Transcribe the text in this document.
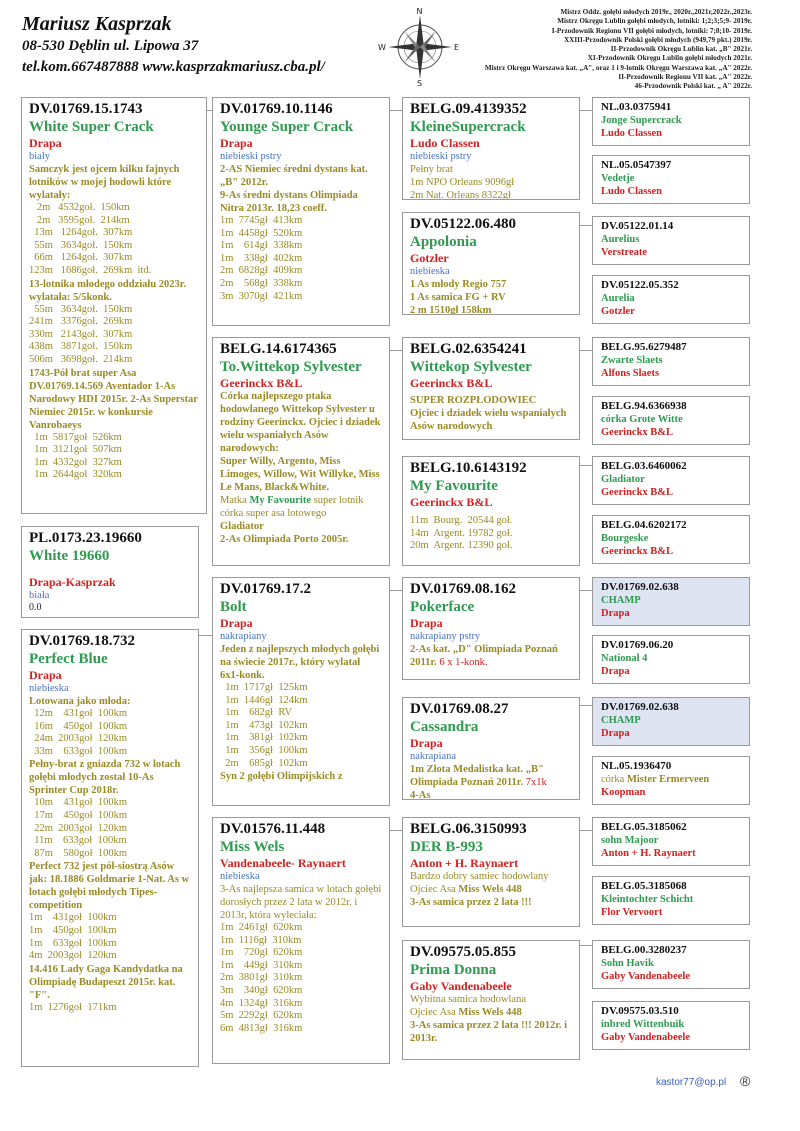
Mariusz Kasprzak
08-530 Dęblin ul. Lipowa 37
tel.kom.667487888 www.kasprzakmariusz.cba.pl/
N
S
W	E
Mistrz Oddz. gołębi młodych 2019r., 2020r.,2021r,2022r.,2023r.
Mistrz Okręgu Lublin gołębi młodych, lotniki: 1;2;3;5;9- 2019r.
I-Przodownik Regionu VII gołębi młodych, lotniki: 7;8;10- 2019r.
XXIII-Przodownik Polski gołębi młodych (949,79 pkt.) 2019r.
II-Przodownik Okręgu Lublin kat. „B" 2021r.
XI-Przodownik Okręgu Lublin gołębi młodych 2021r.
Mistrz Okręgu Warszawa kat. „A", oraz 1 i 9-lotnik Okręgu Warszawa kat. „A" 2022r.
II-Przodownik Regionu VII kat. „A" 2022r.
46-Przodownik Polski kat. „ A" 2022r.
DV.01769.15.1743
White Super Crack
Drapa
biały
Samczyk jest ojcem kilku fajnych lotników w mojej hodowli które wylatały:
2m   4532goł.  150km
2m   3595goł.  214km
13m   1264goł.  307km
55m   3634goł.  150km
66m   1264goł.  307km
123m   1686goł.  269km  itd.
13-lotnika młodego oddziału 2023r. wylatała: 5/5konk.
55m   3634goł.  150km
241m   3376goł.  269km
330m   2143goł.  307km
438m   3871goł.  150km
506m   3698goł.  214km
1743-Pół brat super Asa DV.01769.14.569 Aventador 1-As Narodowy HDI 2015r. 2-As Superstar Niemiec 2015r. w konkursie Vanrobaeys
1m  5817goł  526km
1m  3121goł  507km
1m  4332goł  327km
1m  2644goł  320km
PL.0173.23.19660
White 19660
Drapa-Kasprzak
biała
0.0
DV.01769.18.732
Perfect Blue
Drapa
niebieska
Lotowana jako młoda:
12m    431goł  100km
16m    450goł  100km
24m  2003goł  120km
33m    633goł  100km
Pełny-brat z gniazda 732 w lotach gołębi młodych został 10-As Sprinter Cup 2018r.
10m    431goł  100km
17m    450goł  100km
22m  2003goł  120km
11m    633goł  100km
87m    580goł  100km
Perfect 732 jest pół-siostrą Asów jak: 18.1886 Goldmarie 1-Nat. As w lotach gołębi młodych Tipes-competition
1m    431goł  100km
1m    450goł  100km
1m    633goł  100km
4m  2003goł  120km
14.416 Lady Gaga Kandydatka na Olimpiadę Budapeszt 2015r. kat. "F".
1m  1276goł  171km
DV.01769.10.1146
Younge Super Crack
Drapa
niebieski pstry
2-AS Niemiec średni dystans kat. „B" 2012r.
9-As średni dystans Olimpiada Nitra 2013r. 18,23 coeff.
1m  7745gł  413km
1m  4458gł  520km
1m    614gł  338km
1m    338gł  402km
2m  6828gł  409km
2m    568gł  338km
3m  3070gł  421km
BELG.14.6174365
To.Wittekop Sylvester
Geerinckx B&L
Córka najlepszego ptaka hodowlanego Wittekop Sylvester u rodziny Geerinckx. Ojciec i dziadek wielu wspaniałych Asów narodowych:
Super Willy, Argento, Miss Limoges, Willow, Wit Willyke, Miss Le Mans, Black&White.
Matka My Favourite super lotnik córka super asa lotowego
Gladiator
2-As Olimpiada Porto 2005r.
DV.01769.17.2
Bolt
Drapa
nakrapiany
Jeden z najlepszych młodych gołębi na świecie 2017r., który wylatał 6x1-konk.
1m  1717gł  125km
1m  1446gł  124km
1m    682gł  RV
1m    473gł  102km
1m    381gł  102km
1m    356gł  100km
2m    685gł  102km
Syn 2 gołębi Olimpijskich z
DV.01576.11.448
Miss Wels
Vandenabeele- Raynaert
niebieska
3-As najlepsza samica w lotach gołębi dorosłych przez 2 lata w 2012r. i 2013r, która wyleciała:
1m  2461gł  620km
1m  1116gł  310km
1m    720gł  620km
1m    449gł  310km
2m  3801gł  310km
3m    340gł  620km
4m  1324gł  316km
5m  2292gł  620km
6m  4813gł  316km
BELG.09.4139352
KleineSupercrack
Ludo Classen
niebieski pstry
Pełny brat
1m NPO Orleans 9096gł
2m Nat. Orleans 8322gł
DV.05122.06.480
Appolonia
Gotzler
niebieska
1 As młody Regio 757
1 As samica FG + RV
2 m 1510gł 158km
BELG.02.6354241
Wittekop Sylvester
Geerinckx B&L
SUPER ROZPŁODOWIEC
Ojciec i dziadek wielu wspaniałych Asów narodowych
BELG.10.6143192
My Favourite
Geerinckx B&L
11m  Bourg.  20544 goł.
14m  Argent. 19782 goł.
20m  Argent. 12390 goł.
DV.01769.08.162
Pokerface
Drapa
nakrapiany pstry
2-As kat. „D" Olimpiada Poznań 2011r. 6 x 1-konk.
DV.01769.08.27
Cassandra
Drapa
nakrapiana
1m Złota Medalistka kat. „B" Olimpiada Poznań 2011r. 7x1k
4-As
BELG.06.3150993
DER B-993
Anton + H. Raynaert
Bardzo dobry samiec hodowlany
Ojciec Asa Miss Wels 448
3-As samica przez 2 lata !!!
DV.09575.05.855
Prima Donna
Gaby Vandenabeele
Wybitna samica hodowlana
Ojciec Asa Miss Wels 448
3-As samica przez 2 lata !!! 2012r. i 2013r.
NL.03.0375941
Jonge Supercrack
Ludo Classen
NL.05.0547397
Vedetje
Ludo Classen
DV.05122.01.14
Aurelius
Verstreate
DV.05122.05.352
Aurelia
Gotzler
BELG.95.6279487
Zwarte Slaets
Alfons Slaets
BELG.94.6366938
córka Grote Witte
Geerinckx B&L
BELG.03.6460062
Gladiator
Geerinckx B&L
BELG.04.6202172
Bourgeske
Geerinckx B&L
DV.01769.02.638
CHAMP
Drapa
DV.01769.06.20
National 4
Drapa
DV.01769.02.638
CHAMP
Drapa
NL.05.1936470
córka Mister Ermerveen
Koopman
BELG.05.3185062
sohn Majoor
Anton + H. Raynaert
BELG.05.3185068
Kleintochter Schicht
Flor Vervoort
BELG.00.3280237
Sohn Havik
Gaby Vandenabeele
DV.09575.03.510
inbred Wittenbuik
Gaby Vandenabeele
kastor77@op.pl ®
